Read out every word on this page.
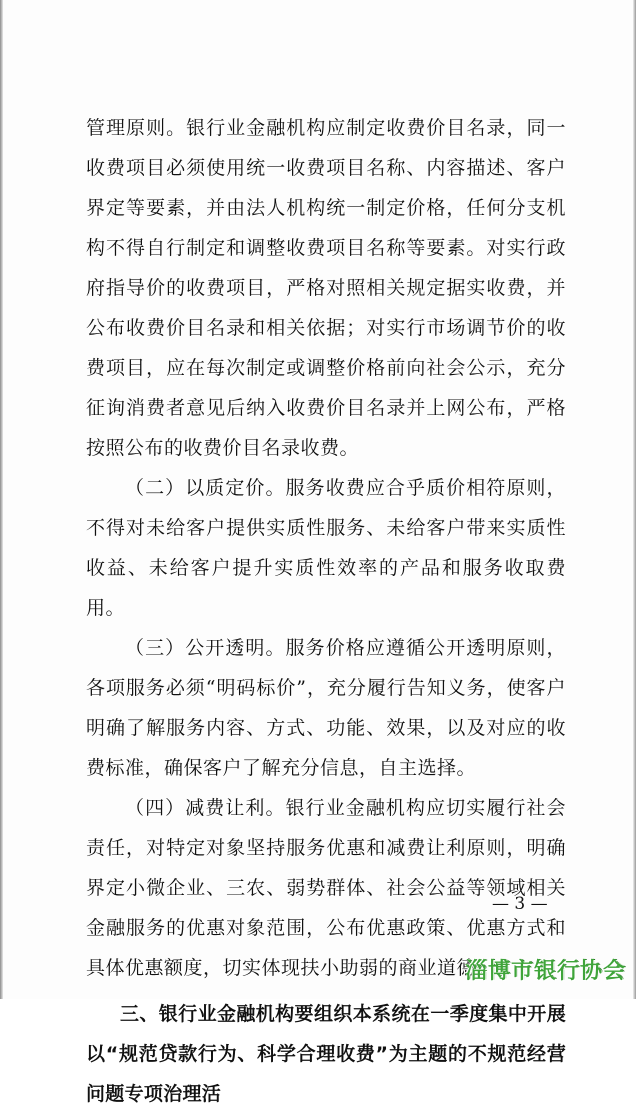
管理原则。银行业金融机构应制定收费价目名录，同一收费项目必须使用统一收费项目名称、内容描述、客户界定等要素，并由法人机构统一制定价格，任何分支机构不得自行制定和调整收费项目名称等要素。对实行政府指导价的收费项目，严格对照相关规定据实收费，并公布收费价目名录和相关依据；对实行市场调节价的收费项目，应在每次制定或调整价格前向社会公示，充分征询消费者意见后纳入收费价目名录并上网公布，严格按照公布的收费价目名录收费。

（二）以质定价。服务收费应合乎质价相符原则，不得对未给客户提供实质性服务、未给客户带来实质性收益、未给客户提升实质性效率的产品和服务收取费用。

（三）公开透明。服务价格应遵循公开透明原则，各项服务必须“明码标价”，充分履行告知义务，使客户明确了解服务内容、方式、功能、效果，以及对应的收费标准，确保客户了解充分信息，自主选择。

（四）减费让利。银行业金融机构应切实履行社会责任，对特定对象坚持服务优惠和减费让利原则，明确界定小微企业、三农、弱势群体、社会公益等领域相关金融服务的优惠对象范围，公布优惠政策、优惠方式和具体优惠额度，切实体现扶小助弱的商业道德。

三、银行业金融机构要组织本系统在一季度集中开展以“规范贷款行为、科学合理收费”为主题的不规范经营问题专项治理活

— 3 —
淄博市银行协会
